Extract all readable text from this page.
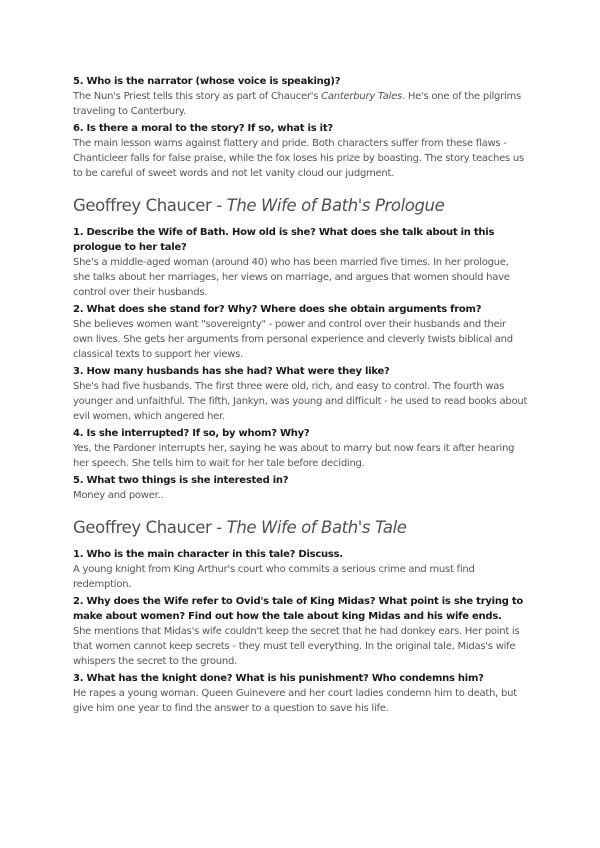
5. Who is the narrator (whose voice is speaking)?

The Nun's Priest tells this story as part of Chaucer's Canterbury Tales. He's one of the pilgrims traveling to Canterbury.

6. Is there a moral to the story? If so, what is it?

The main lesson warns against flattery and pride. Both characters suffer from these flaws - Chanticleer falls for false praise, while the fox loses his prize by boasting. The story teaches us to be careful of sweet words and not let vanity cloud our judgment.

Geoffrey Chaucer - The Wife of Bath's Prologue

1. Describe the Wife of Bath. How old is she? What does she talk about in this prologue to her tale?

She's a middle-aged woman (around 40) who has been married five times. In her prologue, she talks about her marriages, her views on marriage, and argues that women should have control over their husbands.

2. What does she stand for? Why? Where does she obtain arguments from?

She believes women want "sovereignty" - power and control over their husbands and their own lives. She gets her arguments from personal experience and cleverly twists biblical and classical texts to support her views.

3. How many husbands has she had? What were they like?

She's had five husbands. The first three were old, rich, and easy to control. The fourth was younger and unfaithful. The fifth, Jankyn, was young and difficult - he used to read books about evil women, which angered her.

4. Is she interrupted? If so, by whom? Why?

Yes, the Pardoner interrupts her, saying he was about to marry but now fears it after hearing her speech. She tells him to wait for her tale before deciding.

5. What two things is she interested in?

Money and power..

Geoffrey Chaucer - The Wife of Bath's Tale

1. Who is the main character in this tale? Discuss.

A young knight from King Arthur's court who commits a serious crime and must find redemption.

2. Why does the Wife refer to Ovid's tale of King Midas? What point is she trying to make about women? Find out how the tale about king Midas and his wife ends.

She mentions that Midas's wife couldn't keep the secret that he had donkey ears. Her point is that women cannot keep secrets - they must tell everything. In the original tale, Midas's wife whispers the secret to the ground.

3. What has the knight done? What is his punishment? Who condemns him?

He rapes a young woman. Queen Guinevere and her court ladies condemn him to death, but give him one year to find the answer to a question to save his life.
